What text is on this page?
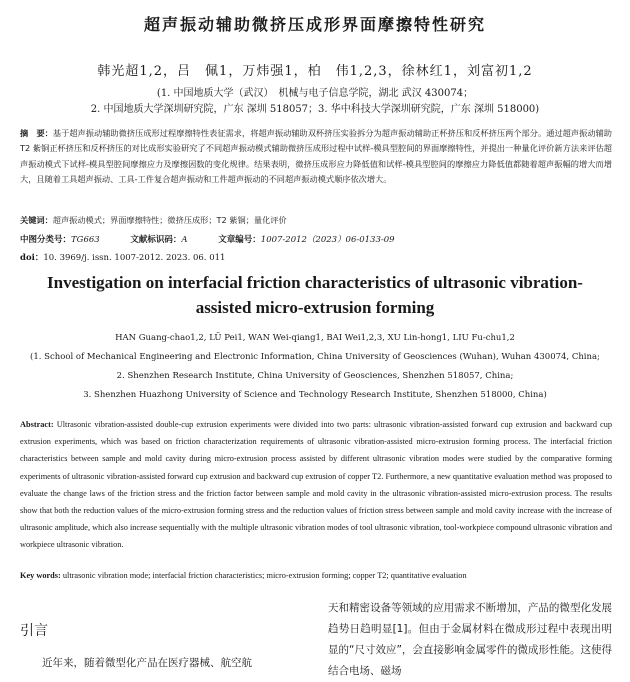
超声振动辅助微挤压成形界面摩擦特性研究
韩光超1,2，吕　佩1，万炜强1，柏　伟1,2,3，徐林红1，刘富初1,2
(1. 中国地质大学（武汉）　机械与电子信息学院，湖北 武汉 430074；
2. 中国地质大学深圳研究院，广东 深圳 518057；3. 华中科技大学深圳研究院，广东 深圳 518000)
摘　要：基于超声振动辅助微挤压成形过程摩擦特性表征需求，将超声振动辅助双杯挤压实验拆分为超声振动辅助正杯挤压和反杯挤压两个部分。通过超声振动辅助 T2 紫铜正杯挤压和反杯挤压的对比成形实验研究了不同超声振动模式辅助微挤压成形过程中试样-模具型腔间的界面摩擦特性，并提出一种量化评价新方法来评估超声振动模式下试样-模具型腔间摩擦应力及摩擦因数的变化规律。结果表明，微挤压成形应力降低值和试样-模具型腔间的摩擦应力降低值都随着超声振幅的增大而增大，且随着工具超声振动、工具-工件复合超声振动和工件超声振动的不同超声振动模式顺序依次增大。
关键词：超声振动模式；界面摩擦特性；微挤压成形；T2 紫铜；量化评价
中图分类号：TG663	文献标识码：A	文章编号：1007-2012（2023）06-0133-09
doi：10. 3969/j. issn. 1007-2012. 2023. 06. 011
Investigation on interfacial friction characteristics of ultrasonic vibration-assisted micro-extrusion forming
HAN Guang-chao1,2, LÜ Pei1, WAN Wei-qiang1, BAI Wei1,2,3, XU Lin-hong1, LIU Fu-chu1,2
(1. School of Mechanical Engineering and Electronic Information, China University of Geosciences (Wuhan), Wuhan 430074, China;
2. Shenzhen Research Institute, China University of Geosciences, Shenzhen 518057, China;
3. Shenzhen Huazhong University of Science and Technology Research Institute, Shenzhen 518000, China)
Abstract: Ultrasonic vibration-assisted double-cup extrusion experiments were divided into two parts: ultrasonic vibration-assisted forward cup extrusion and backward cup extrusion experiments, which was based on friction characterization requirements of ultrasonic vibration-assisted micro-extrusion forming process. The interfacial friction characteristics between sample and mold cavity during micro-extrusion process assisted by different ultrasonic vibration modes were studied by the comparative forming experiments of ultrasonic vibration-assisted forward cup extrusion and backward cup extrusion of copper T2. Furthermore, a new quantitative evaluation method was proposed to evaluate the change laws of the friction stress and the friction factor between sample and mold cavity in the ultrasonic vibration-assisted micro-extrusion process. The results show that both the reduction values of the micro-extrusion forming stress and the reduction values of friction stress between sample and mold cavity increase with the increase of ultrasonic amplitude, which also increase sequentially with the multiple ultrasonic vibration modes of tool ultrasonic vibration, tool-workpiece compound ultrasonic vibration and workpiece ultrasonic vibration.
Key words: ultrasonic vibration mode; interfacial friction characteristics; micro-extrusion forming; copper T2; quantitative evaluation
引言
近年来，随着微型化产品在医疗器械、航空航
天和精密设备等领域的应用需求不断增加，产品的微型化发展趋势日趋明显[1]。但由于金属材料在微成形过程中表现出明显的“尺寸效应”，会直接影响金属零件的微成形性能。这使得结合电场、磁场
